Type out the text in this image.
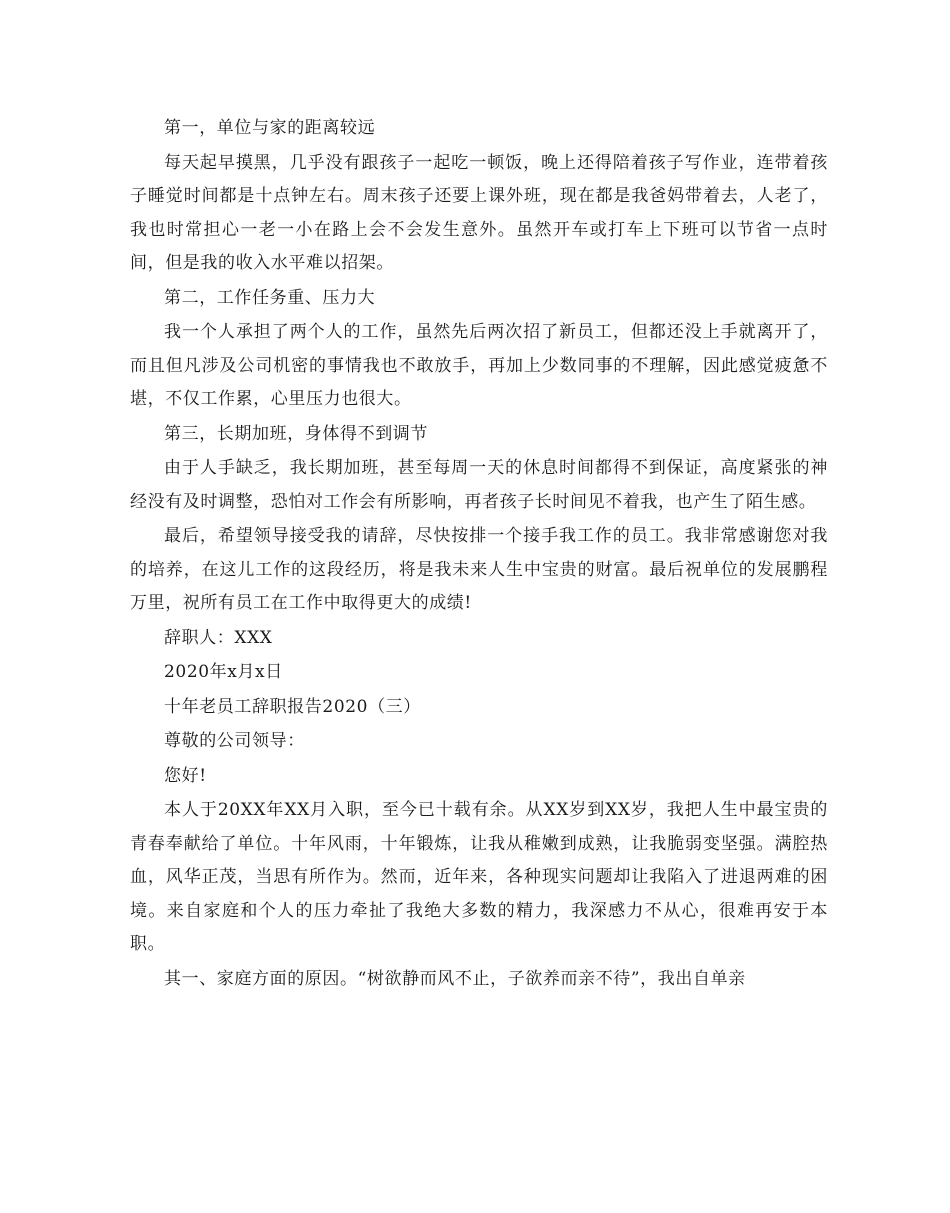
第一，单位与家的距离较远

每天起早摸黑，几乎没有跟孩子一起吃一顿饭，晚上还得陪着孩子写作业，连带着孩子睡觉时间都是十点钟左右。周末孩子还要上课外班，现在都是我爸妈带着去，人老了，我也时常担心一老一小在路上会不会发生意外。虽然开车或打车上下班可以节省一点时间，但是我的收入水平难以招架。

第二，工作任务重、压力大

我一个人承担了两个人的工作，虽然先后两次招了新员工，但都还没上手就离开了，而且但凡涉及公司机密的事情我也不敢放手，再加上少数同事的不理解，因此感觉疲惫不堪，不仅工作累，心里压力也很大。

第三，长期加班，身体得不到调节

由于人手缺乏，我长期加班，甚至每周一天的休息时间都得不到保证，高度紧张的神经没有及时调整，恐怕对工作会有所影响，再者孩子长时间见不着我，也产生了陌生感。

最后，希望领导接受我的请辞，尽快按排一个接手我工作的员工。我非常感谢您对我的培养，在这儿工作的这段经历，将是我未来人生中宝贵的财富。最后祝单位的发展鹏程万里，祝所有员工在工作中取得更大的成绩!

辞职人：XXX

2020年x月x日

十年老员工辞职报告2020（三）

尊敬的公司领导：

您好!

本人于20XX年XX月入职，至今已十载有余。从XX岁到XX岁，我把人生中最宝贵的青春奉献给了单位。十年风雨，十年锻炼，让我从稚嫩到成熟，让我脆弱变坚强。满腔热血，风华正茂，当思有所作为。然而，近年来，各种现实问题却让我陷入了进退两难的困境。来自家庭和个人的压力牵扯了我绝大多数的精力，我深感力不从心，很难再安于本职。

其一、家庭方面的原因。“树欲静而风不止，子欲养而亲不待”，我出自单亲
